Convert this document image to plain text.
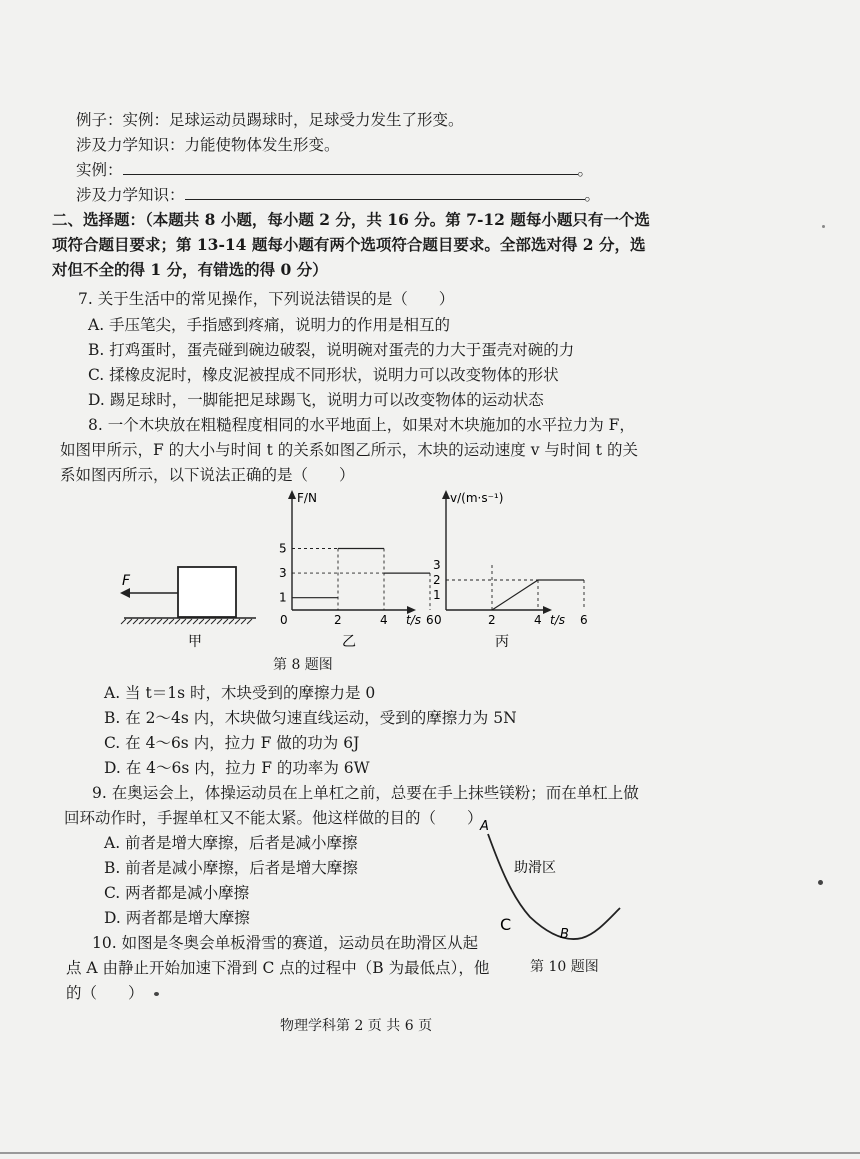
例子：实例：足球运动员踢球时，足球受力发生了形变。
涉及力学知识：力能使物体发生形变。
实例：	。
涉及力学知识：	。
二、选择题：（本题共 8 小题，每小题 2 分，共 16 分。第 7-12 题每小题只有一个选
项符合题目要求；第 13-14 题每小题有两个选项符合题目要求。全部选对得 2 分，选
对但不全的得 1 分，有错选的得 0 分）
7. 关于生活中的常见操作，下列说法错误的是（　　）
A. 手压笔尖，手指感到疼痛，说明力的作用是相互的
B. 打鸡蛋时，蛋壳碰到碗边破裂，说明碗对蛋壳的力大于蛋壳对碗的力
C. 揉橡皮泥时，橡皮泥被捏成不同形状，说明力可以改变物体的形状
D. 踢足球时，一脚能把足球踢飞，说明力可以改变物体的运动状态
8. 一个木块放在粗糙程度相同的水平地面上，如果对木块施加的水平拉力为 F，
如图甲所示，F 的大小与时间 t 的关系如图乙所示，木块的运动速度 v 与时间 t 的关
系如图丙所示，以下说法正确的是（　　）
F
甲
F/N
t/s
5
3
1
0	2	4	6
乙
v/(m·s⁻¹)
t/s
3
2
1
0	2	4	6
丙
第 8 题图
A. 当 t＝1s 时，木块受到的摩擦力是 0
B. 在 2～4s 内，木块做匀速直线运动，受到的摩擦力为 5N
C. 在 4～6s 内，拉力 F 做的功为 6J
D. 在 4～6s 内，拉力 F 的功率为 6W
9. 在奥运会上，体操运动员在上单杠之前，总要在手上抹些镁粉；而在单杠上做
回环动作时，手握单杠又不能太紧。他这样做的目的（　　）
A. 前者是增大摩擦，后者是减小摩擦
B. 前者是减小摩擦，后者是增大摩擦
C. 两者都是减小摩擦
D. 两者都是增大摩擦
10. 如图是冬奥会单板滑雪的赛道，运动员在助滑区从起
点 A 由静止开始加速下滑到 C 点的过程中（B 为最低点），他
的（　　）
A
C
B
助滑区
第 10 题图
物理学科第 2 页 共 6 页
